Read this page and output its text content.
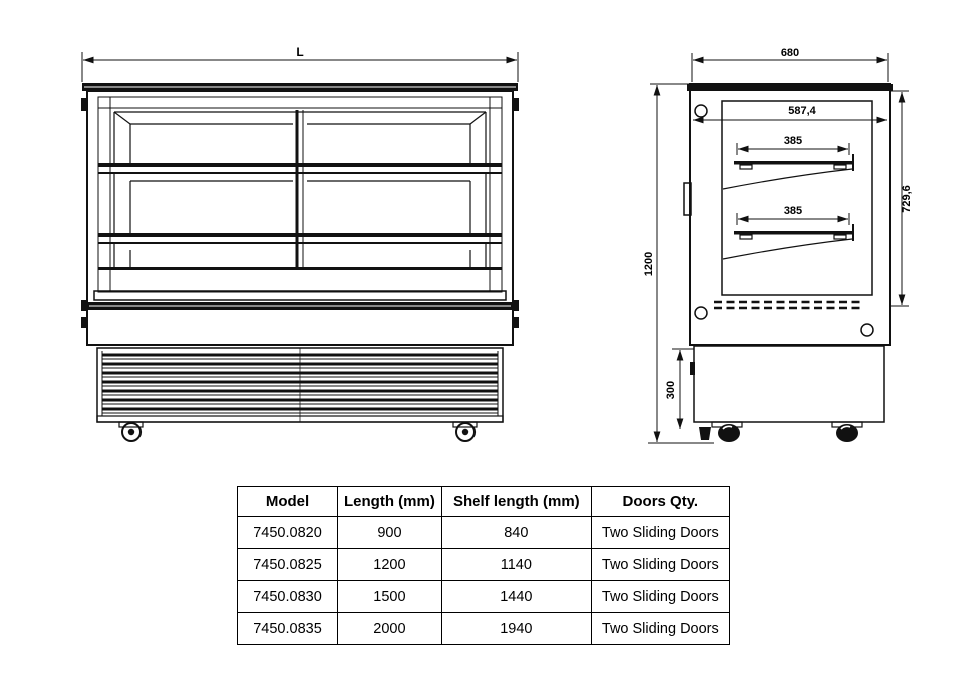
L	680
1200
587,4
385
385	729,6
300
Model	Length (mm)	Shelf length (mm)	Doors Qty.
7450.0820	900	840	Two Sliding Doors
7450.0825	1200	1140	Two Sliding Doors
7450.0830	1500	1440	Two Sliding Doors
7450.0835	2000	1940	Two Sliding Doors
